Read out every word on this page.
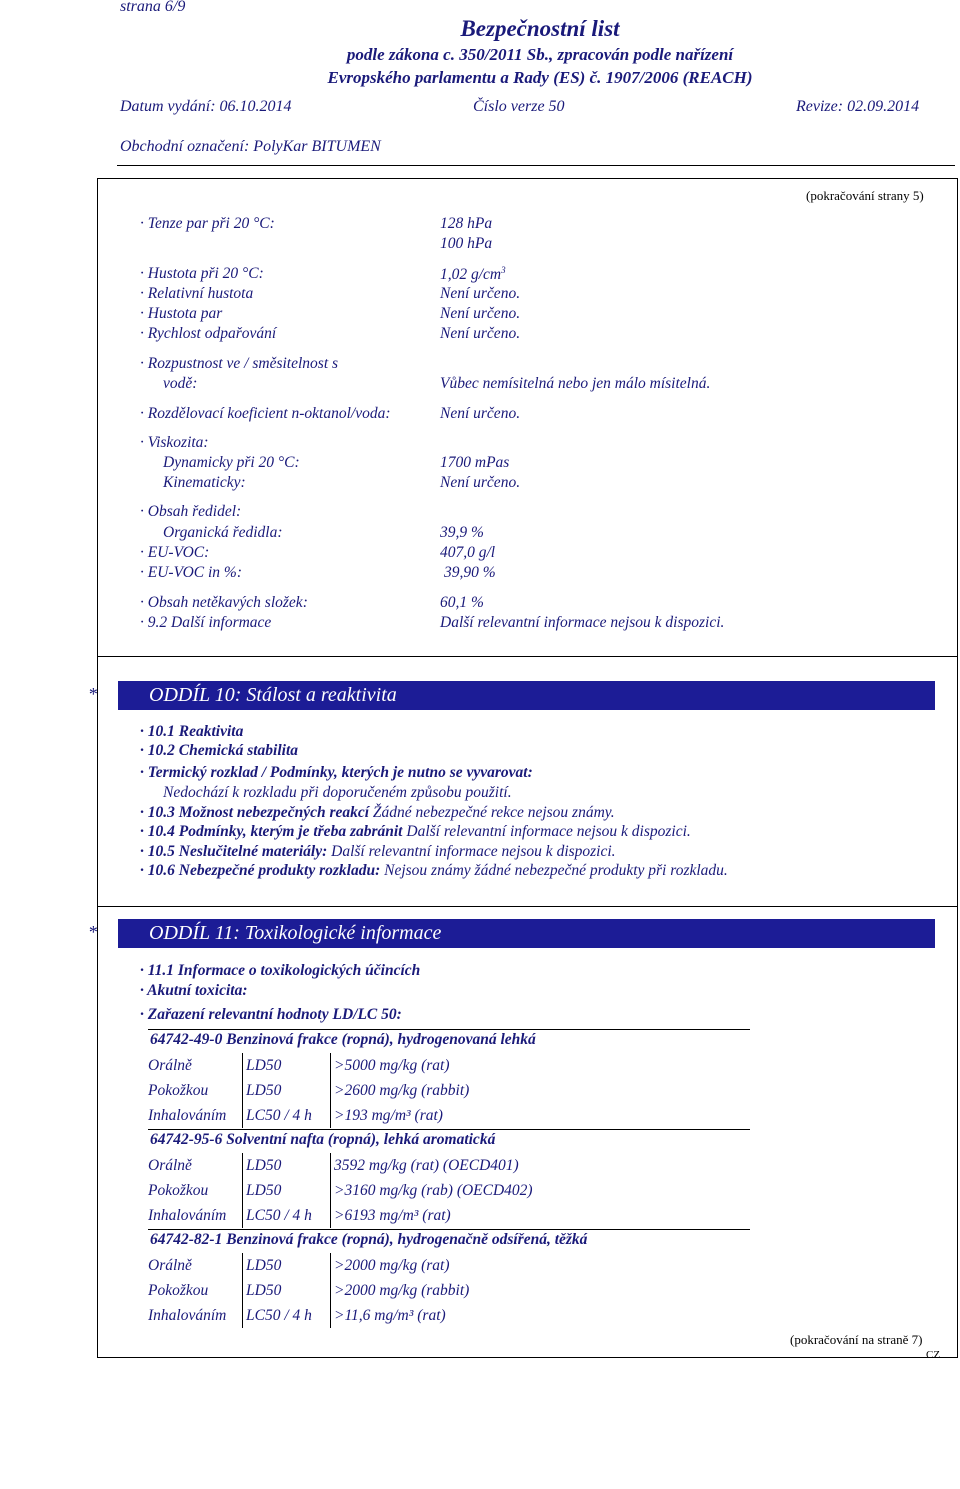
strana 6/9
Bezpečnostní list
podle zákona c. 350/2011 Sb., zpracován podle nařízení
Evropského parlamentu a Rady (ES) č. 1907/2006 (REACH)
Datum vydání: 06.10.2014	Číslo verze 50	Revize: 02.09.2014
Obchodní označení: PolyKar BITUMEN
(pokračování strany 5)
· Tenze par při 20 °C:	128 hPa
100 hPa
· Hustota při 20 °C:	1,02 $g/cm^3$
· Relativní hustota	Není určeno.
· Hustota par	Není určeno.
· Rychlost odpařování	Není určeno.
· Rozpustnost ve / směsitelnost s
vodě:	Vůbec nemísitelná nebo jen málo mísitelná.
· Rozdělovací koeficient n-oktanol/voda:	Není určeno.
· Viskozita:
Dynamicky při 20 °C:	1700 mPas
Kinematicky:	Není určeno.
· Obsah ředidel:
Organická ředidla:	39,9 %
· EU-VOC:	407,0 g/l
· EU-VOC in %:	39,90 %
· Obsah netěkavých složek:	60,1 %
· 9.2 Další informace	Další relevantní informace nejsou k dispozici.
*	ODDÍL 10: Stálost a reaktivita
· 10.1 Reaktivita
· 10.2 Chemická stabilita
· Termický rozklad / Podmínky, kterých je nutno se vyvarovat:
Nedochází k rozkladu při doporučeném způsobu použití.
· 10.3 Možnost nebezpečných reakcí Žádné nebezpečné rekce nejsou známy.
· 10.4 Podmínky, kterým je třeba zabránit Další relevantní informace nejsou k dispozici.
· 10.5 Neslučitelné materiály: Další relevantní informace nejsou k dispozici.
· 10.6 Nebezpečné produkty rozkladu: Nejsou známy žádné nebezpečné produkty při rozkladu.
*	ODDÍL 11: Toxikologické informace
· 11.1 Informace o toxikologických účincích
· Akutní toxicita:
· Zařazení relevantní hodnoty LD/LC 50:
64742-49-0 Benzinová frakce (ropná), hydrogenovaná lehká
Orálně	LD50	>5000 mg/kg (rat)
Pokožkou	LD50	>2600 mg/kg (rabbit)
Inhalováním	LC50 / 4 h	>193 mg/m³ (rat)
64742-95-6 Solventní nafta (ropná), lehká aromatická
Orálně	LD50	3592 mg/kg (rat) (OECD401)
Pokožkou	LD50	>3160 mg/kg (rab) (OECD402)
Inhalováním	LC50 / 4 h	>6193 mg/m³ (rat)
64742-82-1 Benzinová frakce (ropná), hydrogenačně odsířená, těžká
Orálně	LD50	>2000 mg/kg (rat)
Pokožkou	LD50	>2000 mg/kg (rabbit)
Inhalováním	LC50 / 4 h	>11,6 mg/m³ (rat)
(pokračování na straně 7)
CZ
